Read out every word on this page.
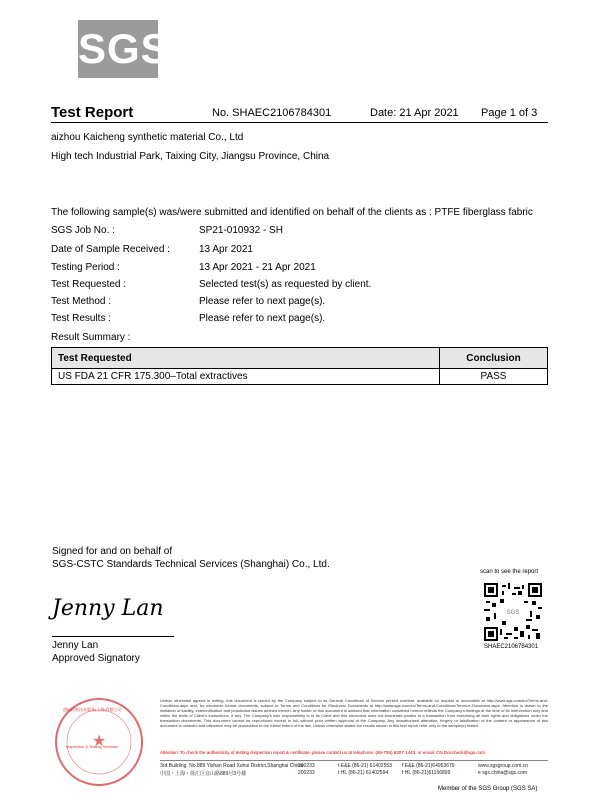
SGS
Test Report	No. SHAEC2106784301	Date: 21 Apr 2021 Page 1 of 3
aizhou Kaicheng synthetic material Co., Ltd
High tech Industrial Park, Taixing City, Jiangsu Province, China
The following sample(s) was/were submitted and identified on behalf of the clients as : PTFE fiberglass fabric
SGS Job No. :	SP21-010932 - SH
Date of Sample Received :	13 Apr 2021
Testing Period :	13 Apr 2021 - 21 Apr 2021
Test Requested :	Selected test(s) as requested by client.
Test Method :	Please refer to next page(s).
Test Results :	Please refer to next page(s).
Result Summary :
Test Requested	Conclusion
US FDA 21 CFR 175.300–Total extractives	PASS
Signed for and on behalf of
SGS-CSTC Standards Technical Services (Shanghai) Co., Ltd.
Jenny Lan
Jenny Lan
Approved Signatory
scan to see the report
SGS
SHAEC2106784301
★
通标标准技术服务(上海)有限公司
Inspection & Testing Services
Unless otherwise agreed in writing, this document is issued by the Company subject to its General Conditions of Service printed overleaf, available on request or accessible at http://www.sgs.com/en/Terms-and-Conditions.aspx and, for electronic format documents, subject to Terms and Conditions for Electronic Documents at http://www.sgs.com/en/Terms-and-Conditions/Terms-e-Document.aspx. Attention is drawn to the limitation of liability, indemnification and jurisdiction issues defined therein. Any holder of this document is advised that information contained hereon reflects the Company's findings at the time of its intervention only and within the limits of Client's instructions, if any. The Company's sole responsibility is to its Client and this document does not exonerate parties to a transaction from exercising all their rights and obligations under the transaction documents. This document cannot be reproduced except in full, without prior written approval of the Company. Any unauthorized alteration, forgery or falsification of the content or appearance of this document is unlawful and offenders may be prosecuted to the fullest extent of the law. Unless otherwise stated the results shown in this test report refer only to the sample(s) tested.
Attention: To check the authenticity of testing /inspection report & certificate, please contact us at telephone: (86-755) 8307 1443, or email: CN.Doccheck@sgs.com
3rd Building, No.889 Yishan Road Xuhui District,Shanghai China
中国・上海・徐汇区宜山路889号3号楼
200233
200233
t E&E (86-21) 61402553
t HL (86-21) 61402594
f E&E (86-21)64953679
f HL (86-21)61156899
www.sgsgroup.com.cn
e sgs.china@sgs.com
Member of the SGS Group (SGS SA)
